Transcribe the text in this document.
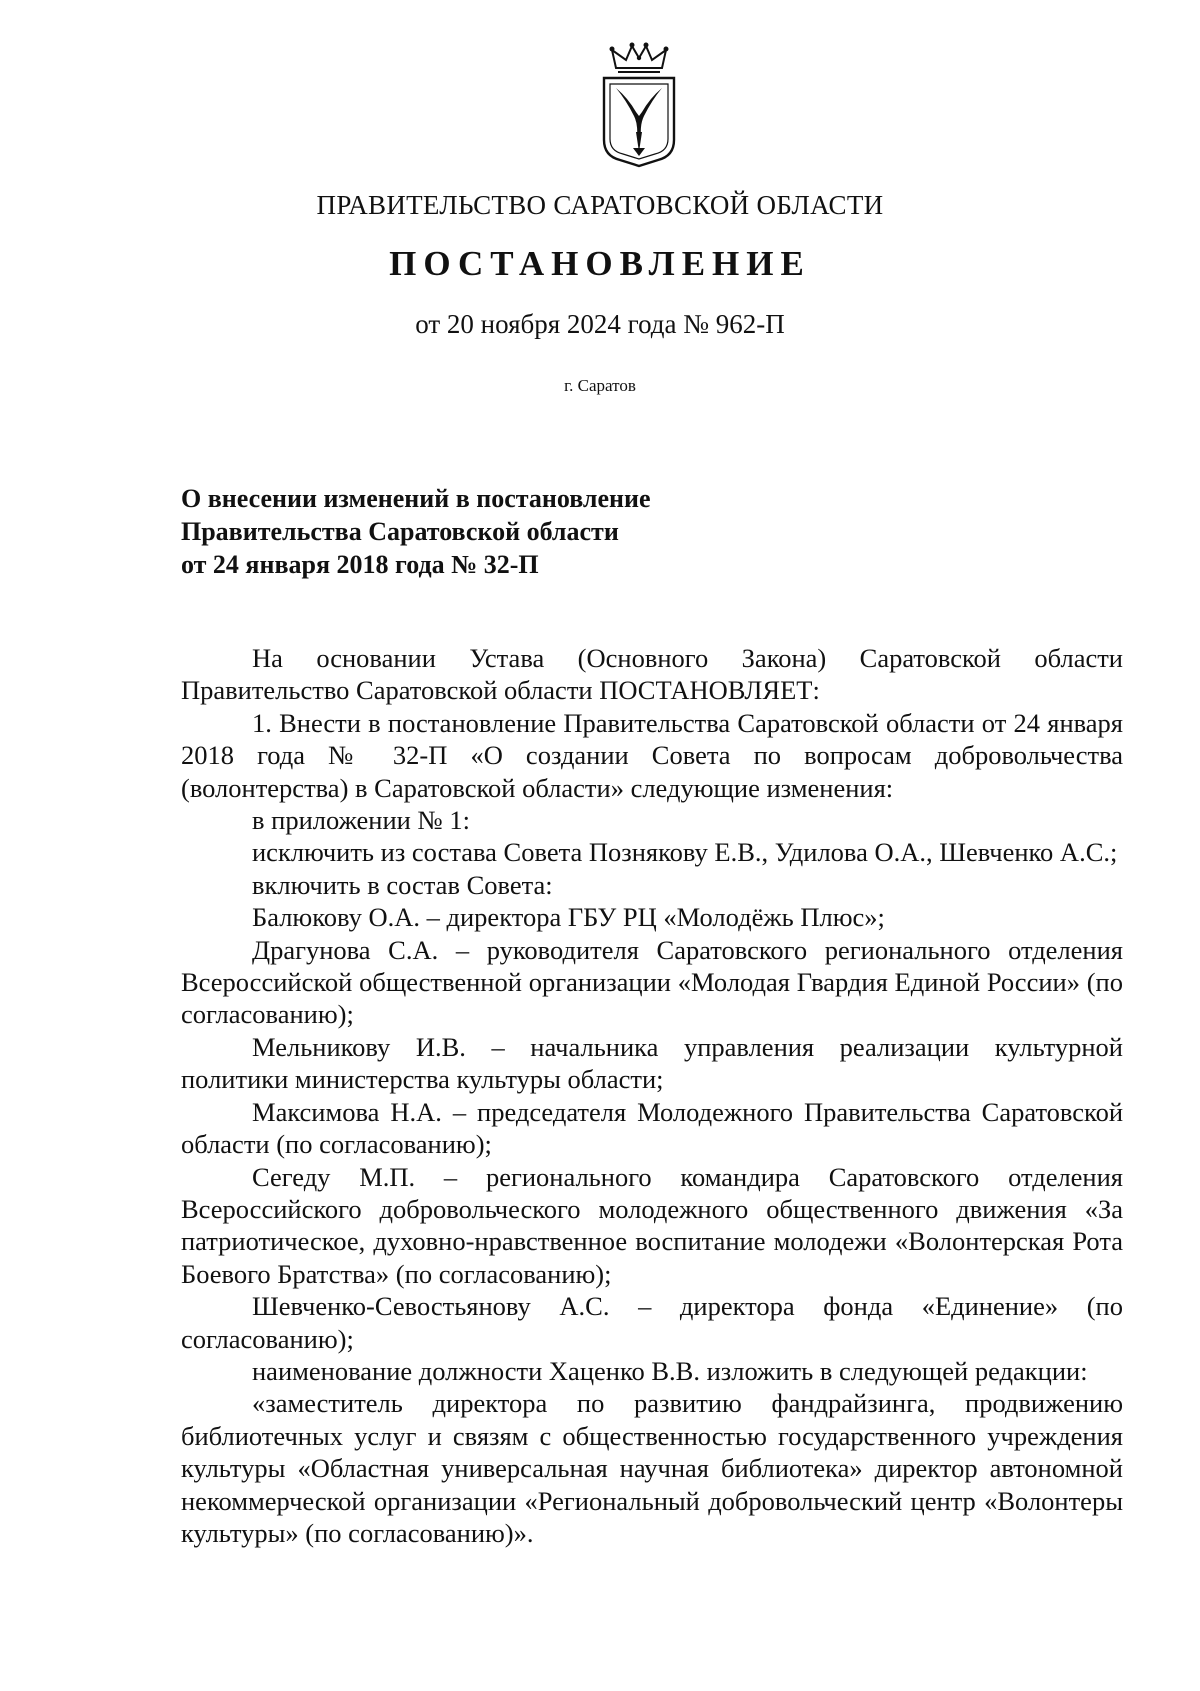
ПРАВИТЕЛЬСТВО САРАТОВСКОЙ ОБЛАСТИ
ПОСТАНОВЛЕНИЕ
от 20 ноября 2024 года № 962-П
г. Саратов
О внесении изменений в постановление
Правительства Саратовской области
от 24 января 2018 года № 32-П

На основании Устава (Основного Закона) Саратовской области Правительство Саратовской области ПОСТАНОВЛЯЕТ:

1. Внести в постановление Правительства Саратовской области от 24 января 2018 года № 32-П «О создании Совета по вопросам добровольчества (волонтерства) в Саратовской области» следующие изменения:

в приложении № 1:

исключить из состава Совета Познякову Е.В., Удилова О.А., Шевченко А.С.;

включить в состав Совета:

Балюкову О.А. – директора ГБУ РЦ «Молодёжь Плюс»;

Драгунова С.А. – руководителя Саратовского регионального отделения Всероссийской общественной организации «Молодая Гвардия Единой России» (по согласованию);

Мельникову И.В. – начальника управления реализации культурной политики министерства культуры области;

Максимова Н.А. – председателя Молодежного Правительства Саратовской области (по согласованию);

Сегеду М.П. – регионального командира Саратовского отделения Всероссийского добровольческого молодежного общественного движения «За патриотическое, духовно-нравственное воспитание молодежи «Волонтерская Рота Боевого Братства» (по согласованию);

Шевченко-Севостьянову А.С. – директора фонда «Единение» (по согласованию);

наименование должности Хаценко В.В. изложить в следующей редакции:

«заместитель директора по развитию фандрайзинга, продвижению библиотечных услуг и связям с общественностью государственного учреждения культуры «Областная универсальная научная библиотека» директор автономной некоммерческой организации «Региональный добровольческий центр «Волонтеры культуры» (по согласованию)».
